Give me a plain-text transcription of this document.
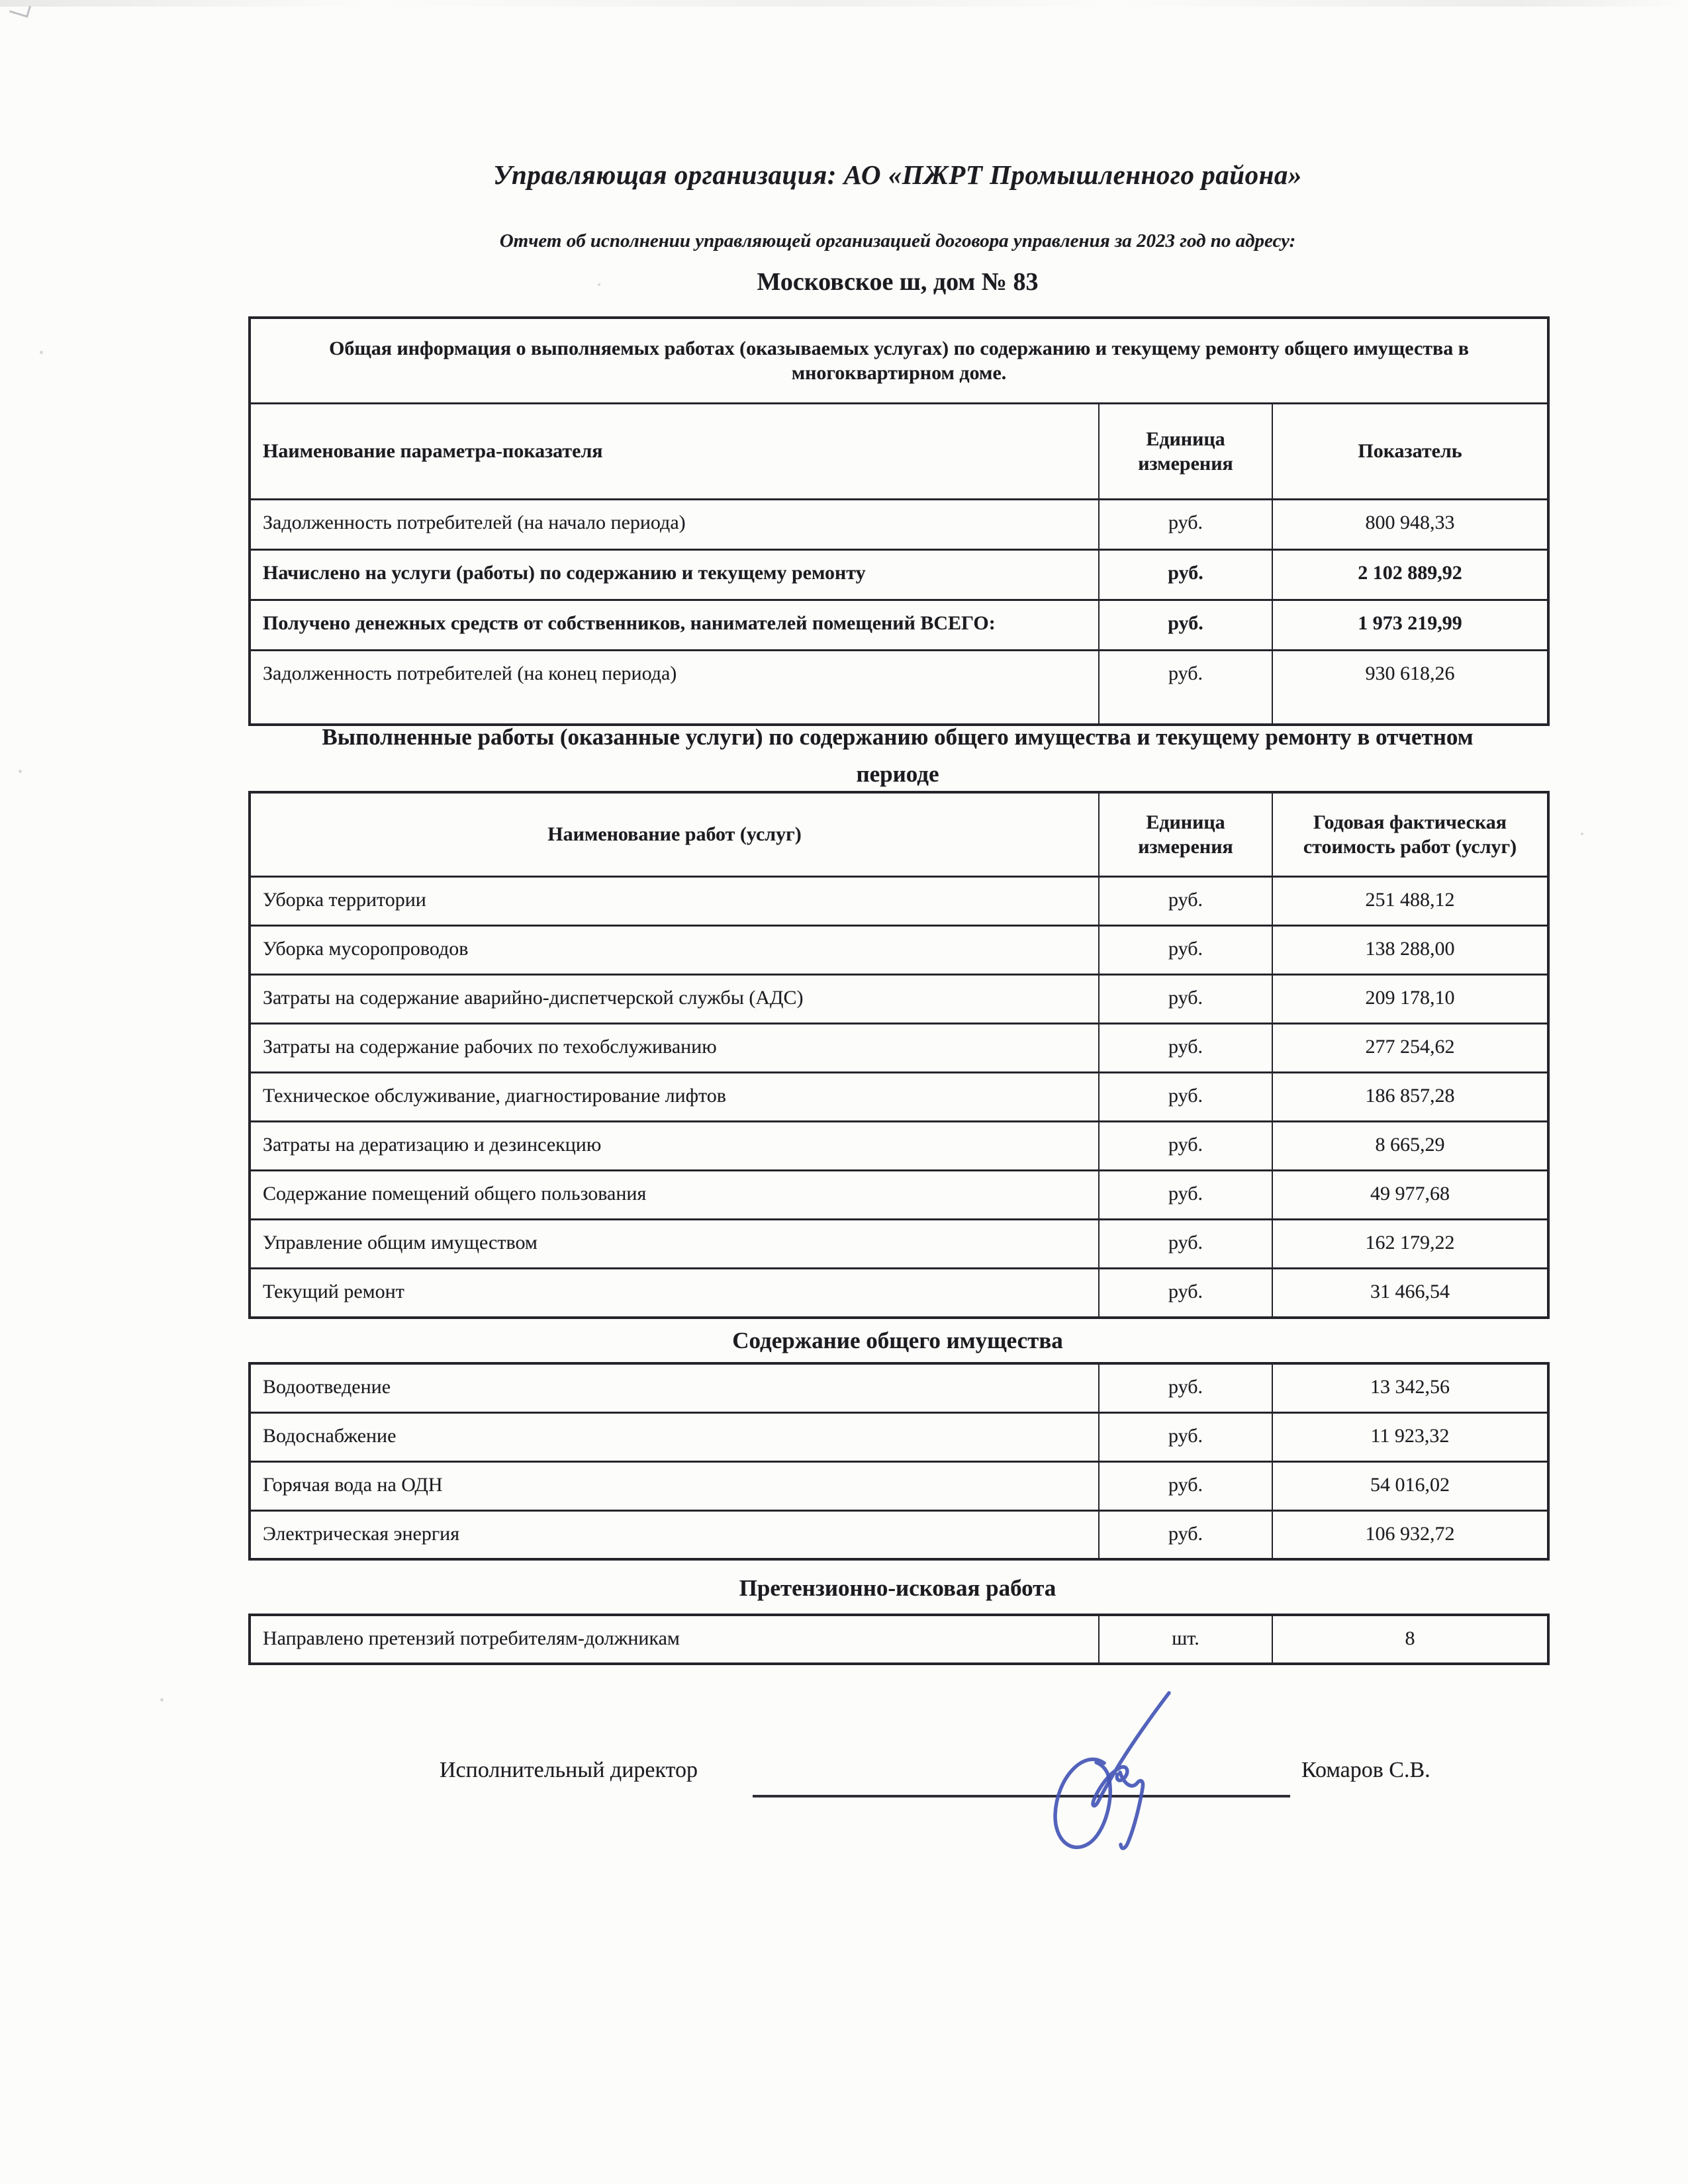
Управляющая организация: АО «ПЖРТ Промышленного района»
Отчет об исполнении управляющей организацией договора управления за 2023 год по адресу:
Московское ш, дом № 83
Общая информация о выполняемых работах (оказываемых услугах) по содержанию и текущему ремонту общего имущества в многоквартирном доме.		
Наименование параметра-показателя	Единица измерения	Показатель
Задолженность потребителей (на начало периода)	руб.	800 948,33
Начислено на услуги (работы) по содержанию и текущему ремонту	руб.	2 102 889,92
Получено денежных средств от собственников, нанимателей помещений ВСЕГО:	руб.	1 973 219,99
Задолженность потребителей (на конец периода)	руб.	930 618,26
Выполненные работы (оказанные услуги) по содержанию общего имущества и текущему ремонту в отчетном периоде
Наименование работ (услуг)	Единица измерения	Годовая фактическая стоимость работ (услуг)
Уборка территории	руб.	251 488,12
Уборка мусоропроводов	руб.	138 288,00
Затраты на содержание аварийно-диспетчерской службы (АДС)	руб.	209 178,10
Затраты на содержание рабочих по техобслуживанию	руб.	277 254,62
Техническое обслуживание, диагностирование лифтов	руб.	186 857,28
Затраты на дератизацию и дезинсекцию	руб.	8 665,29
Содержание помещений общего пользования	руб.	49 977,68
Управление общим имуществом	руб.	162 179,22
Текущий ремонт	руб.	31 466,54
Содержание общего имущества
Водоотведение	руб.	13 342,56
Водоснабжение	руб.	11 923,32
Горячая вода на ОДН	руб.	54 016,02
Электрическая энергия	руб.	106 932,72
Претензионно-исковая работа
Направлено претензий потребителям-должникам	шт.	8
Исполнительный директор	Комаров С.В.
